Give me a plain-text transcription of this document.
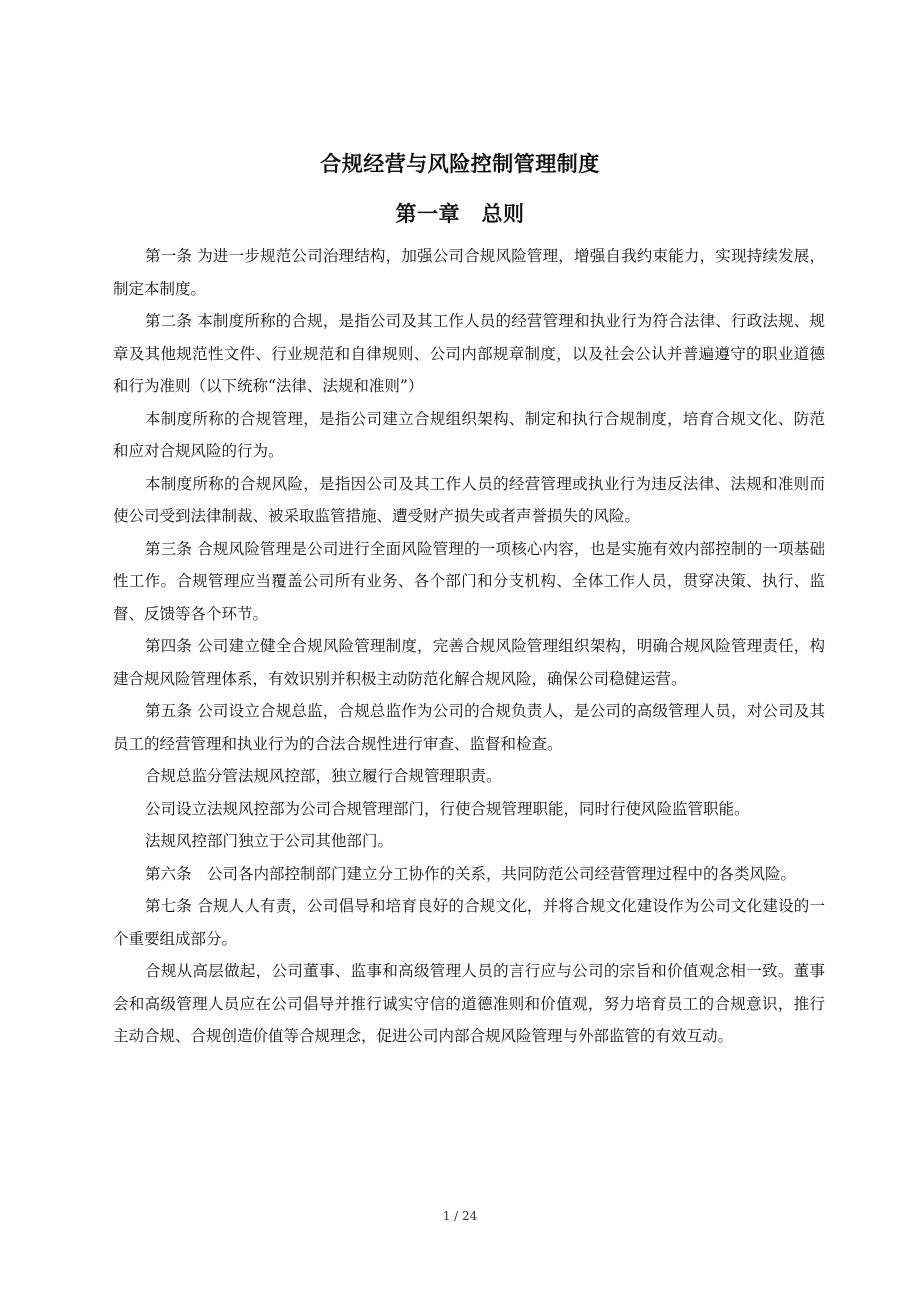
合规经营与风险控制管理制度
第一章　总则

第一条 为进一步规范公司治理结构，加强公司合规风险管理，增强自我约束能力，实现持续发展，制定本制度。

第二条 本制度所称的合规，是指公司及其工作人员的经营管理和执业行为符合法律、行政法规、规章及其他规范性文件、行业规范和自律规则、公司内部规章制度，以及社会公认并普遍遵守的职业道德和行为准则（以下统称“法律、法规和准则”）

本制度所称的合规管理，是指公司建立合规组织架构、制定和执行合规制度，培育合规文化、防范和应对合规风险的行为。

本制度所称的合规风险，是指因公司及其工作人员的经营管理或执业行为违反法律、法规和准则而使公司受到法律制裁、被采取监管措施、遭受财产损失或者声誉损失的风险。

第三条 合规风险管理是公司进行全面风险管理的一项核心内容，也是实施有效内部控制的一项基础性工作。合规管理应当覆盖公司所有业务、各个部门和分支机构、全体工作人员，贯穿决策、执行、监督、反馈等各个环节。

第四条 公司建立健全合规风险管理制度，完善合规风险管理组织架构，明确合规风险管理责任，构建合规风险管理体系，有效识别并积极主动防范化解合规风险，确保公司稳健运营。

第五条 公司设立合规总监，合规总监作为公司的合规负责人，是公司的高级管理人员，对公司及其员工的经营管理和执业行为的合法合规性进行审查、监督和检查。

合规总监分管法规风控部，独立履行合规管理职责。

公司设立法规风控部为公司合规管理部门，行使合规管理职能，同时行使风险监管职能。

法规风控部门独立于公司其他部门。

第六条　公司各内部控制部门建立分工协作的关系，共同防范公司经营管理过程中的各类风险。

第七条 合规人人有责，公司倡导和培育良好的合规文化，并将合规文化建设作为公司文化建设的一个重要组成部分。

合规从高层做起，公司董事、监事和高级管理人员的言行应与公司的宗旨和价值观念相一致。董事会和高级管理人员应在公司倡导并推行诚实守信的道德准则和价值观，努力培育员工的合规意识，推行主动合规、合规创造价值等合规理念，促进公司内部合规风险管理与外部监管的有效互动。

1 / 24
